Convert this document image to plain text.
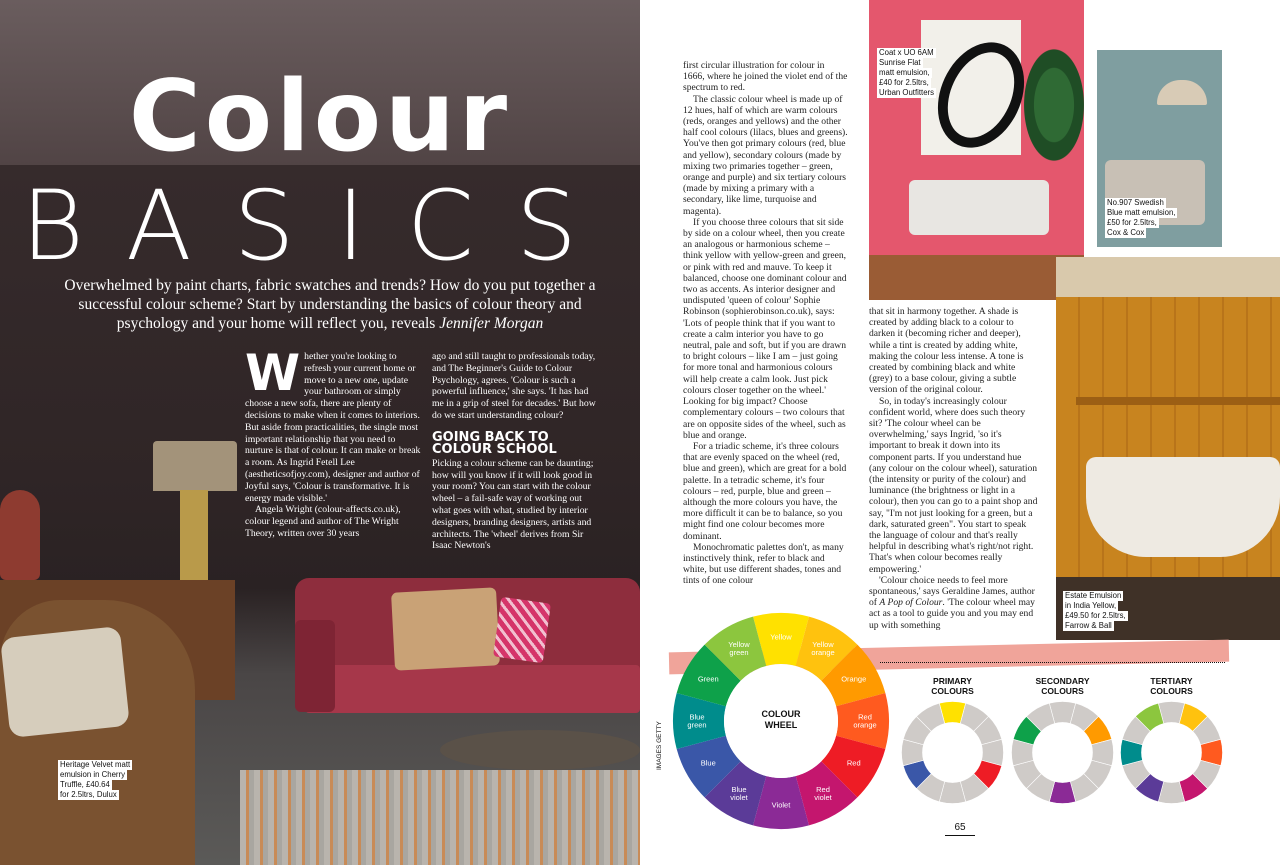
Colour
BASICS
Overwhelmed by paint charts, fabric swatches and trends? How do you put together a successful colour scheme? Start by understanding the basics of colour theory and psychology and your home will reflect you, reveals Jennifer Morgan

Whether you're looking to refresh your current home or move to a new one, update your bathroom or simply choose a new sofa, there are plenty of decisions to make when it comes to interiors. But aside from practicalities, the single most important relationship that you need to nurture is that of colour. It can make or break a room. As Ingrid Fetell Lee (aestheticsofjoy.com), designer and author of Joyful says, 'Colour is transformative. It is energy made visible.'

Angela Wright (colour-affects.co.uk), colour legend and author of The Wright Theory, written over 30 years

ago and still taught to professionals today, and The Beginner's Guide to Colour Psychology, agrees. 'Colour is such a powerful influence,' she says. 'It has had me in a grip of steel for decades.' But how do we start understanding colour?

GOING BACK TO
COLOUR SCHOOL

Picking a colour scheme can be daunting; how will you know if it will look good in your room? You can start with the colour wheel – a fail-safe way of working out what goes with what, studied by interior designers, branding designers, artists and architects. The 'wheel' derives from Sir Isaac Newton's

Heritage Velvet matt
emulsion in Cherry
Truffle, £40.64
for 2.5ltrs, Dulux
Coat x UO 6AM
Sunrise Flat
matt emulsion,
£40 for 2.5ltrs,
Urban Outfitters
No.907 Swedish
Blue matt emulsion,
£50 for 2.5ltrs,
Cox & Cox
Estate Emulsion
in India Yellow,
£49.50 for 2.5ltrs,
Farrow & Ball

first circular illustration for colour in 1666, where he joined the violet end of the spectrum to red.

The classic colour wheel is made up of 12 hues, half of which are warm colours (reds, oranges and yellows) and the other half cool colours (lilacs, blues and greens). You've then got primary colours (red, blue and yellow), secondary colours (made by mixing two primaries together – green, orange and purple) and six tertiary colours (made by mixing a primary with a secondary, like lime, turquoise and magenta).

If you choose three colours that sit side by side on a colour wheel, then you create an analogous or harmonious scheme – think yellow with yellow-green and green, or pink with red and mauve. To keep it balanced, choose one dominant colour and two as accents. As interior designer and undisputed 'queen of colour' Sophie Robinson (sophierobinson.co.uk), says: 'Lots of people think that if you want to create a calm interior you have to go neutral, pale and soft, but if you are drawn to bright colours – like I am – just going for more tonal and harmonious colours will help create a calm look. Just pick colours closer together on the wheel.' Looking for big impact? Choose complementary colours – two colours that are on opposite sides of the wheel, such as blue and orange.

For a triadic scheme, it's three colours that are evenly spaced on the wheel (red, blue and green), which are great for a bold palette. In a tetradic scheme, it's four colours – red, purple, blue and green – although the more colours you have, the more difficult it can be to balance, so you might find one colour becomes more dominant.

Monochromatic palettes don't, as many instinctively think, refer to black and white, but use different shades, tones and tints of one colour

that sit in harmony together. A shade is created by adding black to a colour to darken it (becoming richer and deeper), while a tint is created by adding white, making the colour less intense. A tone is created by combining black and white (grey) to a base colour, giving a subtle version of the original colour.

So, in today's increasingly colour confident world, where does such theory sit? 'The colour wheel can be overwhelming,' says Ingrid, 'so it's important to break it down into its component parts. If you understand hue (any colour on the colour wheel), saturation (the intensity or purity of the colour) and luminance (the brightness or light in a colour), then you can go to a paint shop and say, "I'm not just looking for a green, but a dark, saturated green". You start to speak the language of colour and that's really helpful in describing what's right/not right. That's when colour becomes really empowering.'

'Colour choice needs to feel more spontaneous,' says Geraldine James, author of A Pop of Colour. 'The colour wheel may act as a tool to guide you and you may end up with something

COLOUR
WHEEL
Yellow
Yellow orange
Orange
Red orange
Red
Red violet
Violet
Blue violet
Blue
Blue green
Green
Yellow green
PRIMARY
COLOURS
SECONDARY
COLOURS
TERTIARY
COLOURS
IMAGES GETTY
65
